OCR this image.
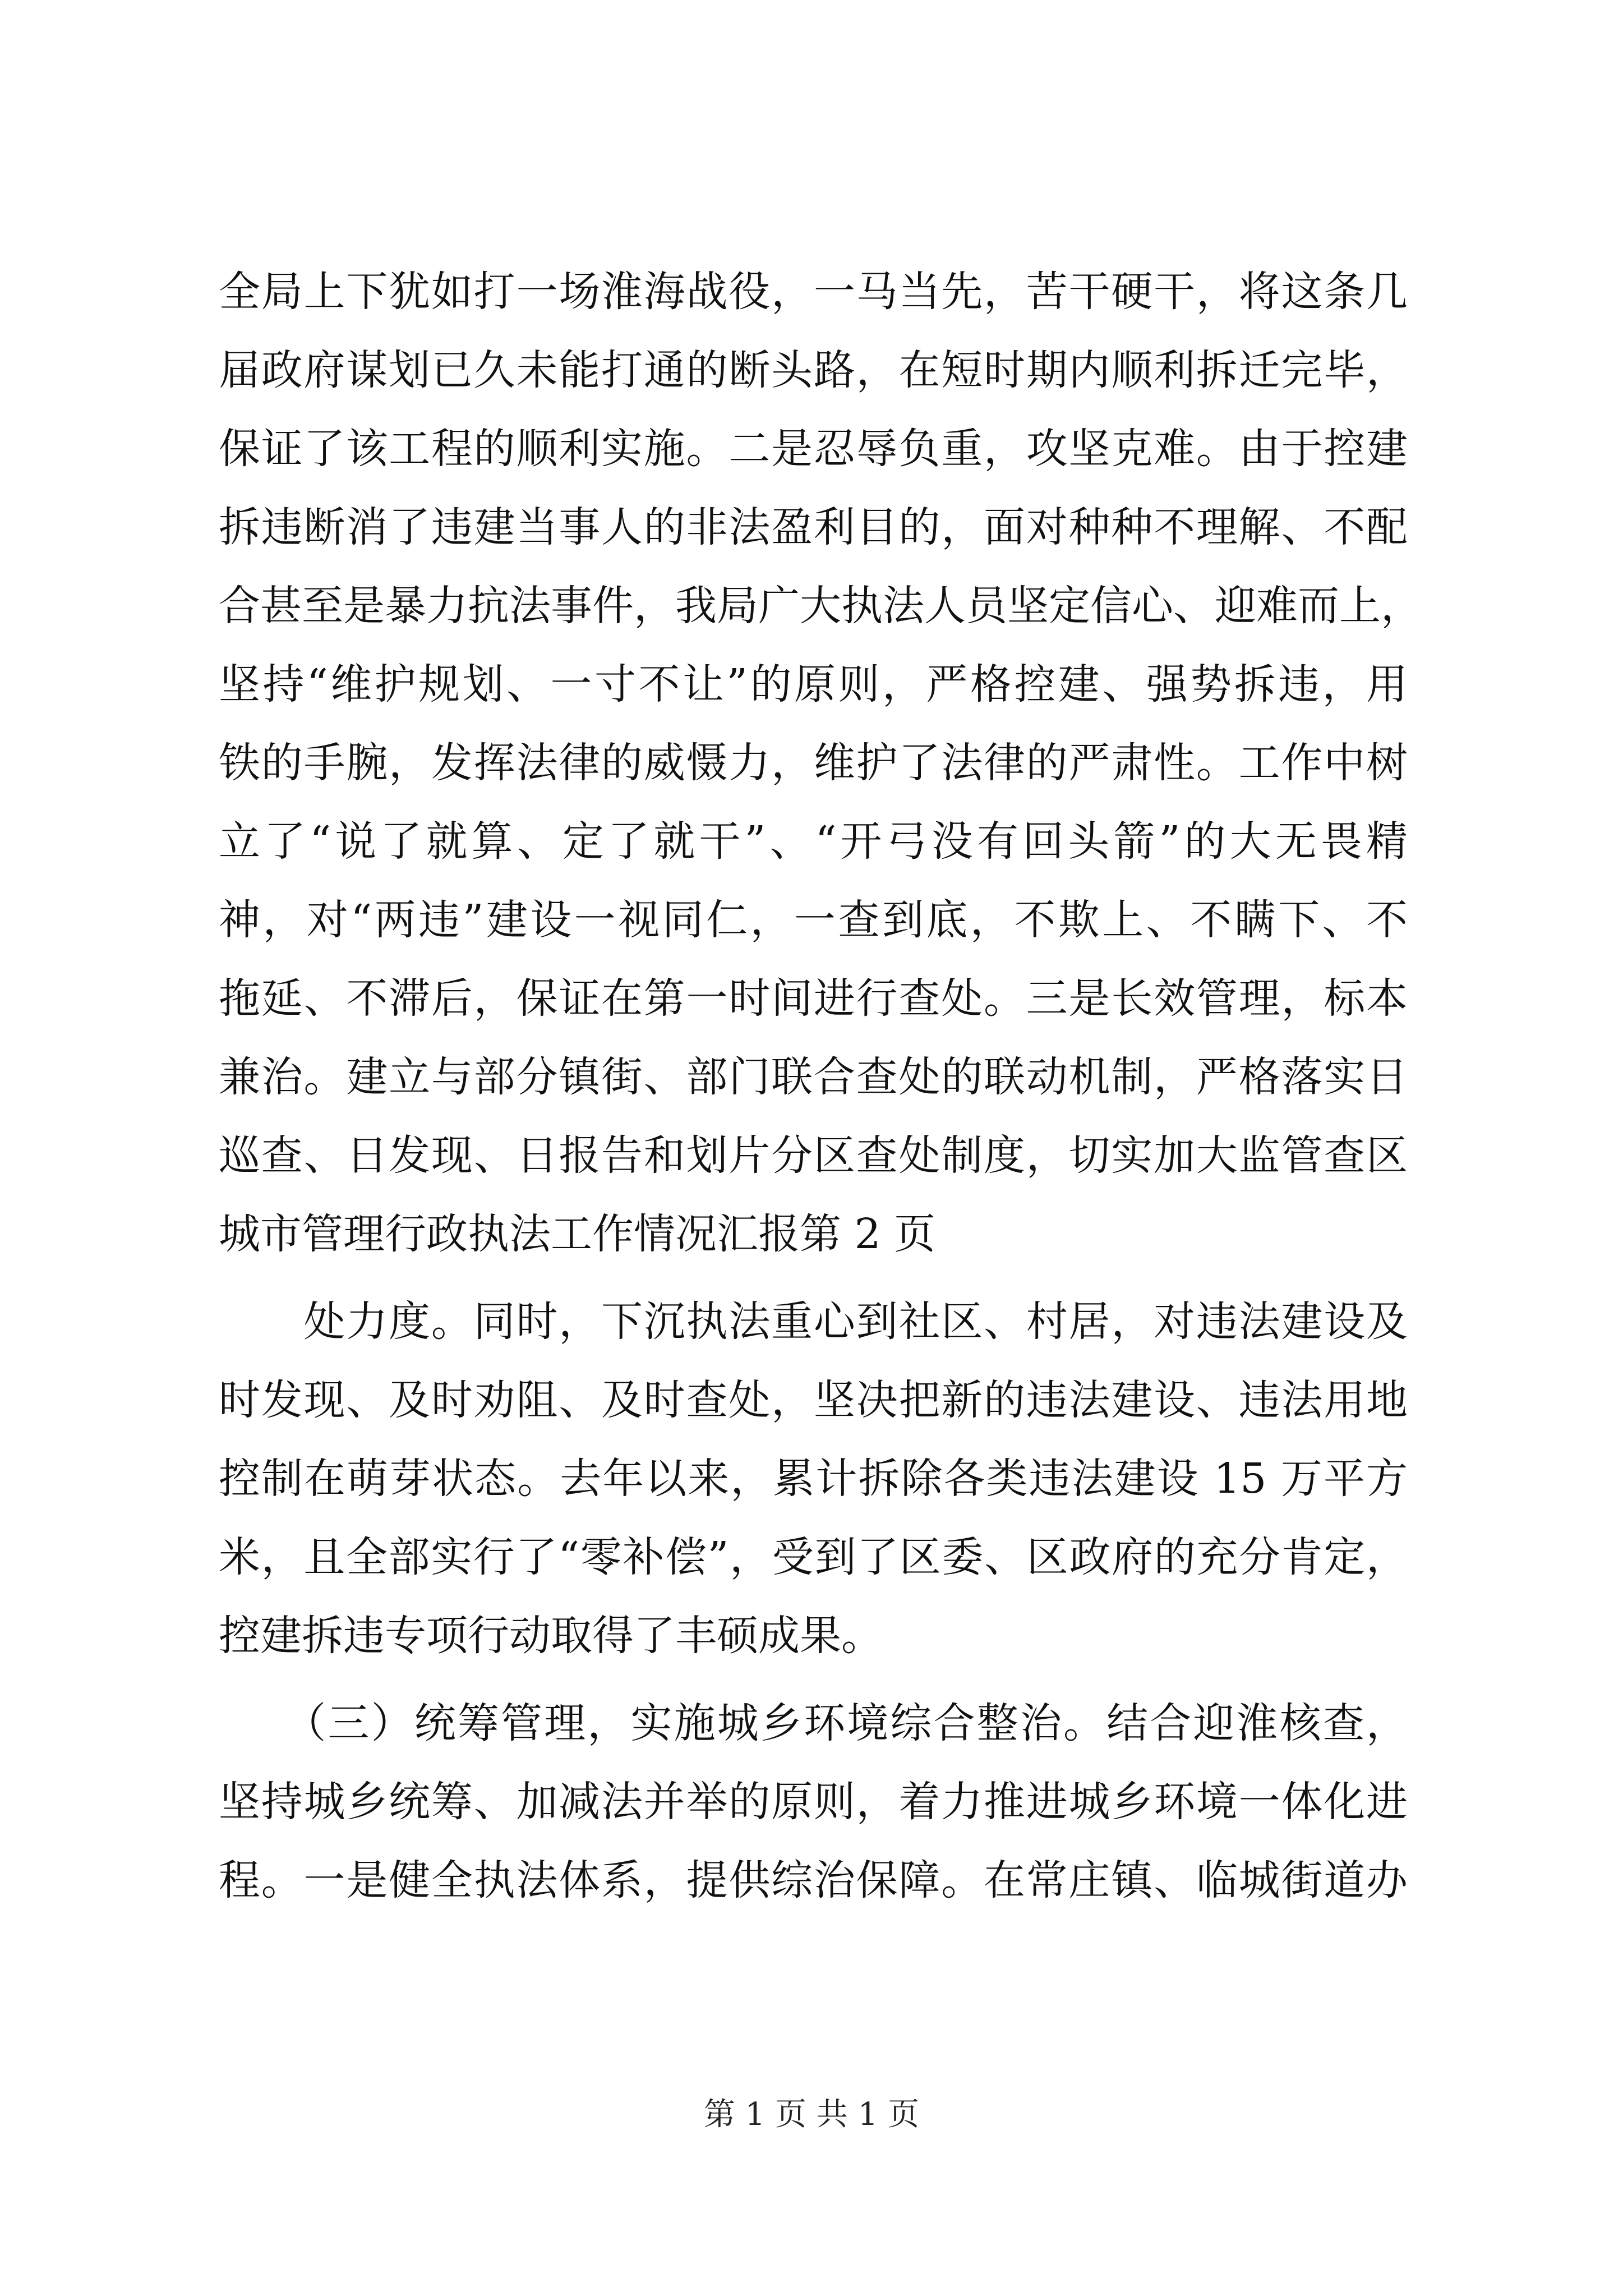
全局上下犹如打一场淮海战役，一马当先，苦干硬干，将这条几
届政府谋划已久未能打通的断头路，在短时期内顺利拆迁完毕，
保证了该工程的顺利实施。二是忍辱负重，攻坚克难。由于控建
拆违断消了违建当事人的非法盈利目的，面对种种不理解、不配
合甚至是暴力抗法事件，我局广大执法人员坚定信心、迎难而上，
坚持“维护规划、一寸不让”的原则，严格控建、强势拆违，用
铁的手腕，发挥法律的威慑力，维护了法律的严肃性。工作中树
立了“说了就算、定了就干”、“开弓没有回头箭”的大无畏精
神，对“两违”建设一视同仁，一查到底，不欺上、不瞒下、不
拖延、不滞后，保证在第一时间进行查处。三是长效管理，标本
兼治。建立与部分镇街、部门联合查处的联动机制，严格落实日
巡查、日发现、日报告和划片分区查处制度，切实加大监管查区
城市管理行政执法工作情况汇报第 2 页
　　处力度。同时，下沉执法重心到社区、村居，对违法建设及
时发现、及时劝阻、及时查处，坚决把新的违法建设、违法用地
控制在萌芽状态。去年以来，累计拆除各类违法建设 15 万平方
米，且全部实行了“零补偿”，受到了区委、区政府的充分肯定，
控建拆违专项行动取得了丰硕成果。
　　（三）统筹管理，实施城乡环境综合整治。结合迎淮核查，
坚持城乡统筹、加减法并举的原则，着力推进城乡环境一体化进
程。一是健全执法体系，提供综治保障。在常庄镇、临城街道办
第 1 页 共 1 页
